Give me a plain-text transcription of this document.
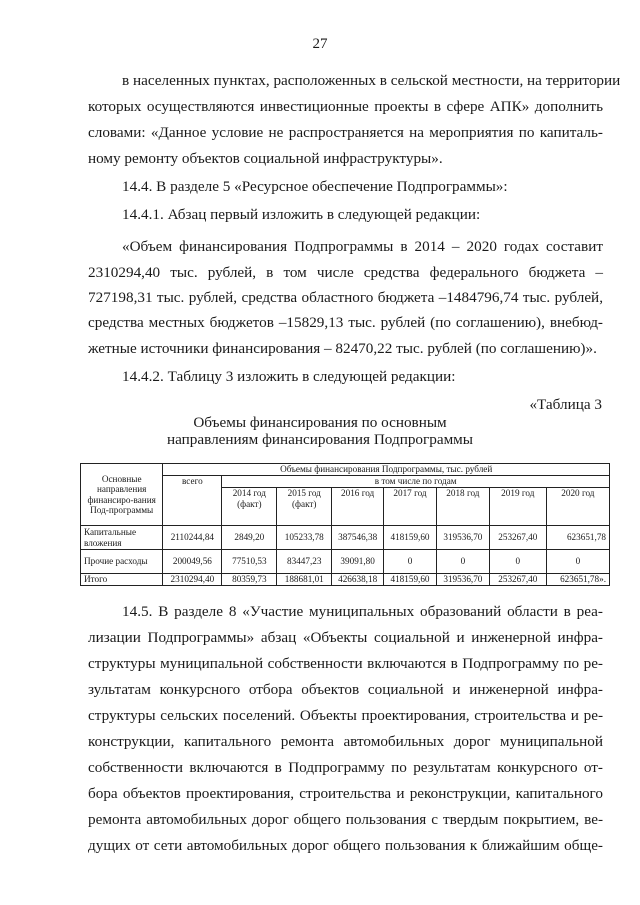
27
в населенных пунктах, расположенных в сельской местности, на территории
которых осуществляются инвестиционные проекты в сфере АПК» дополнить
словами: «Данное условие не распространяется на мероприятия по капиталь-
ному ремонту объектов социальной инфраструктуры».
14.4. В разделе 5 «Ресурсное обеспечение Подпрограммы»:
14.4.1. Абзац первый изложить в следующей редакции:
«Объем финансирования Подпрограммы в 2014 – 2020 годах составит
2310294,40 тыс. рублей, в том числе средства федерального бюджета –
727198,31 тыс. рублей, средства областного бюджета –1484796,74 тыс. рублей,
средства местных бюджетов –15829,13 тыс. рублей (по соглашению), внебюд-
жетные источники финансирования – 82470,22 тыс. рублей (по соглашению)».
14.4.2. Таблицу 3 изложить в следующей редакции:
«Таблица 3
Объемы финансирования по основным
направлениям финансирования Подпрограммы
Основные направления финансиро-вания Под-программы	Объемы финансирования Подпрограммы, тыс. рублей							
	всего	в том числе по годам						
		2014 год (факт)	2015 год (факт)	2016 год	2017 год	2018 год	2019 год	2020 год
Капитальные вложения	2110244,84	2849,20	105233,78	387546,38	418159,60	319536,70	253267,40	623651,78
Прочие расходы	200049,56	77510,53	83447,23	39091,80	0	0	0	0
Итого	2310294,40	80359,73	188681,01	426638,18	418159,60	319536,70	253267,40	623651,78».
14.5. В разделе 8 «Участие муниципальных образований области в реа-
лизации Подпрограммы» абзац «Объекты социальной и инженерной инфра-
структуры муниципальной собственности включаются в Подпрограмму по ре-
зультатам конкурсного отбора объектов социальной и инженерной инфра-
структуры сельских поселений. Объекты проектирования, строительства и ре-
конструкции, капитального ремонта автомобильных дорог муниципальной
собственности включаются в Подпрограмму по результатам конкурсного от-
бора объектов проектирования, строительства и реконструкции, капитального
ремонта автомобильных дорог общего пользования с твердым покрытием, ве-
дущих от сети автомобильных дорог общего пользования к ближайшим обще-
